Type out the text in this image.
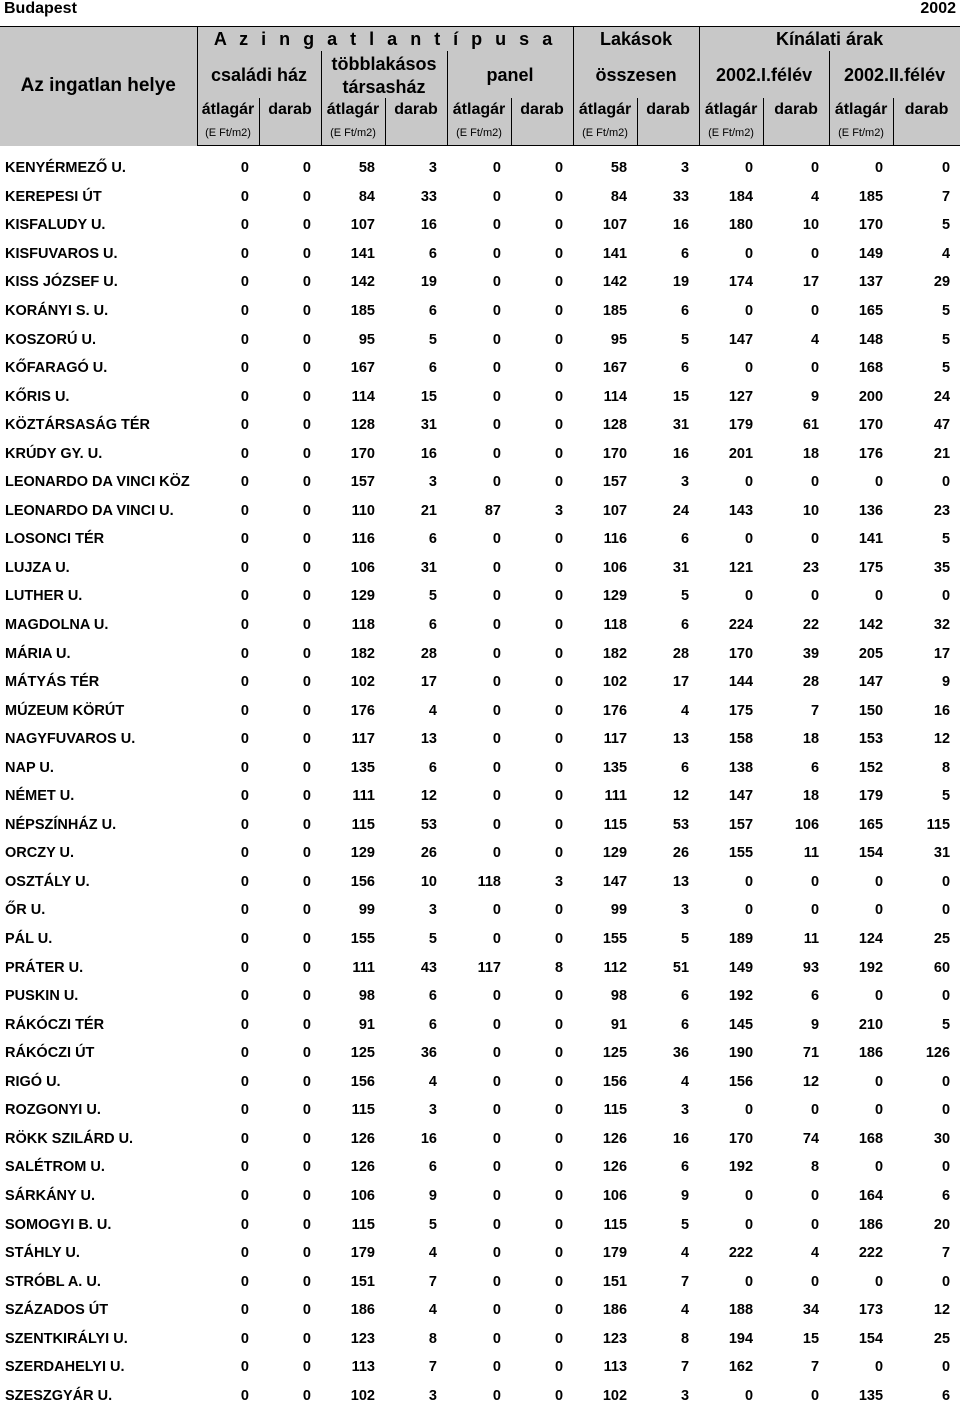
Budapest	2002
Az ingatlan helye	A z i n g a t l a n t í p u s a						Lakások		Kínálati árak			
	családi ház		többlakásos		panel		összesen		2002.I.félév		2002.II.félév	
			társasház									
	átlagár	darab	átlagár	darab	átlagár	darab	átlagár	darab	átlagár	darab	átlagár	darab
	(E Ft/m2)		(E Ft/m2)		(E Ft/m2)		(E Ft/m2)		(E Ft/m2)		(E Ft/m2)	
KENYÉRMEZŐ U.	0	0	58	3	0	0	58	3	0	0	0	0
KEREPESI ÚT	0	0	84	33	0	0	84	33	184	4	185	7
KISFALUDY U.	0	0	107	16	0	0	107	16	180	10	170	5
KISFUVAROS U.	0	0	141	6	0	0	141	6	0	0	149	4
KISS JÓZSEF U.	0	0	142	19	0	0	142	19	174	17	137	29
KORÁNYI S. U.	0	0	185	6	0	0	185	6	0	0	165	5
KOSZORÚ U.	0	0	95	5	0	0	95	5	147	4	148	5
KŐFARAGÓ U.	0	0	167	6	0	0	167	6	0	0	168	5
KŐRIS U.	0	0	114	15	0	0	114	15	127	9	200	24
KÖZTÁRSASÁG TÉR	0	0	128	31	0	0	128	31	179	61	170	47
KRÚDY GY. U.	0	0	170	16	0	0	170	16	201	18	176	21
LEONARDO DA VINCI KÖZ	0	0	157	3	0	0	157	3	0	0	0	0
LEONARDO DA VINCI U.	0	0	110	21	87	3	107	24	143	10	136	23
LOSONCI TÉR	0	0	116	6	0	0	116	6	0	0	141	5
LUJZA U.	0	0	106	31	0	0	106	31	121	23	175	35
LUTHER U.	0	0	129	5	0	0	129	5	0	0	0	0
MAGDOLNA U.	0	0	118	6	0	0	118	6	224	22	142	32
MÁRIA U.	0	0	182	28	0	0	182	28	170	39	205	17
MÁTYÁS TÉR	0	0	102	17	0	0	102	17	144	28	147	9
MÚZEUM KÖRÚT	0	0	176	4	0	0	176	4	175	7	150	16
NAGYFUVAROS U.	0	0	117	13	0	0	117	13	158	18	153	12
NAP U.	0	0	135	6	0	0	135	6	138	6	152	8
NÉMET U.	0	0	111	12	0	0	111	12	147	18	179	5
NÉPSZÍNHÁZ U.	0	0	115	53	0	0	115	53	157	106	165	115
ORCZY U.	0	0	129	26	0	0	129	26	155	11	154	31
OSZTÁLY U.	0	0	156	10	118	3	147	13	0	0	0	0
ŐR U.	0	0	99	3	0	0	99	3	0	0	0	0
PÁL U.	0	0	155	5	0	0	155	5	189	11	124	25
PRÁTER U.	0	0	111	43	117	8	112	51	149	93	192	60
PUSKIN U.	0	0	98	6	0	0	98	6	192	6	0	0
RÁKÓCZI TÉR	0	0	91	6	0	0	91	6	145	9	210	5
RÁKÓCZI ÚT	0	0	125	36	0	0	125	36	190	71	186	126
RIGÓ U.	0	0	156	4	0	0	156	4	156	12	0	0
ROZGONYI U.	0	0	115	3	0	0	115	3	0	0	0	0
RÖKK SZILÁRD U.	0	0	126	16	0	0	126	16	170	74	168	30
SALÉTROM U.	0	0	126	6	0	0	126	6	192	8	0	0
SÁRKÁNY U.	0	0	106	9	0	0	106	9	0	0	164	6
SOMOGYI B. U.	0	0	115	5	0	0	115	5	0	0	186	20
STÁHLY U.	0	0	179	4	0	0	179	4	222	4	222	7
STRÓBL A. U.	0	0	151	7	0	0	151	7	0	0	0	0
SZÁZADOS ÚT	0	0	186	4	0	0	186	4	188	34	173	12
SZENTKIRÁLYI U.	0	0	123	8	0	0	123	8	194	15	154	25
SZERDAHELYI U.	0	0	113	7	0	0	113	7	162	7	0	0
SZESZGYÁR U.	0	0	102	3	0	0	102	3	0	0	135	6
